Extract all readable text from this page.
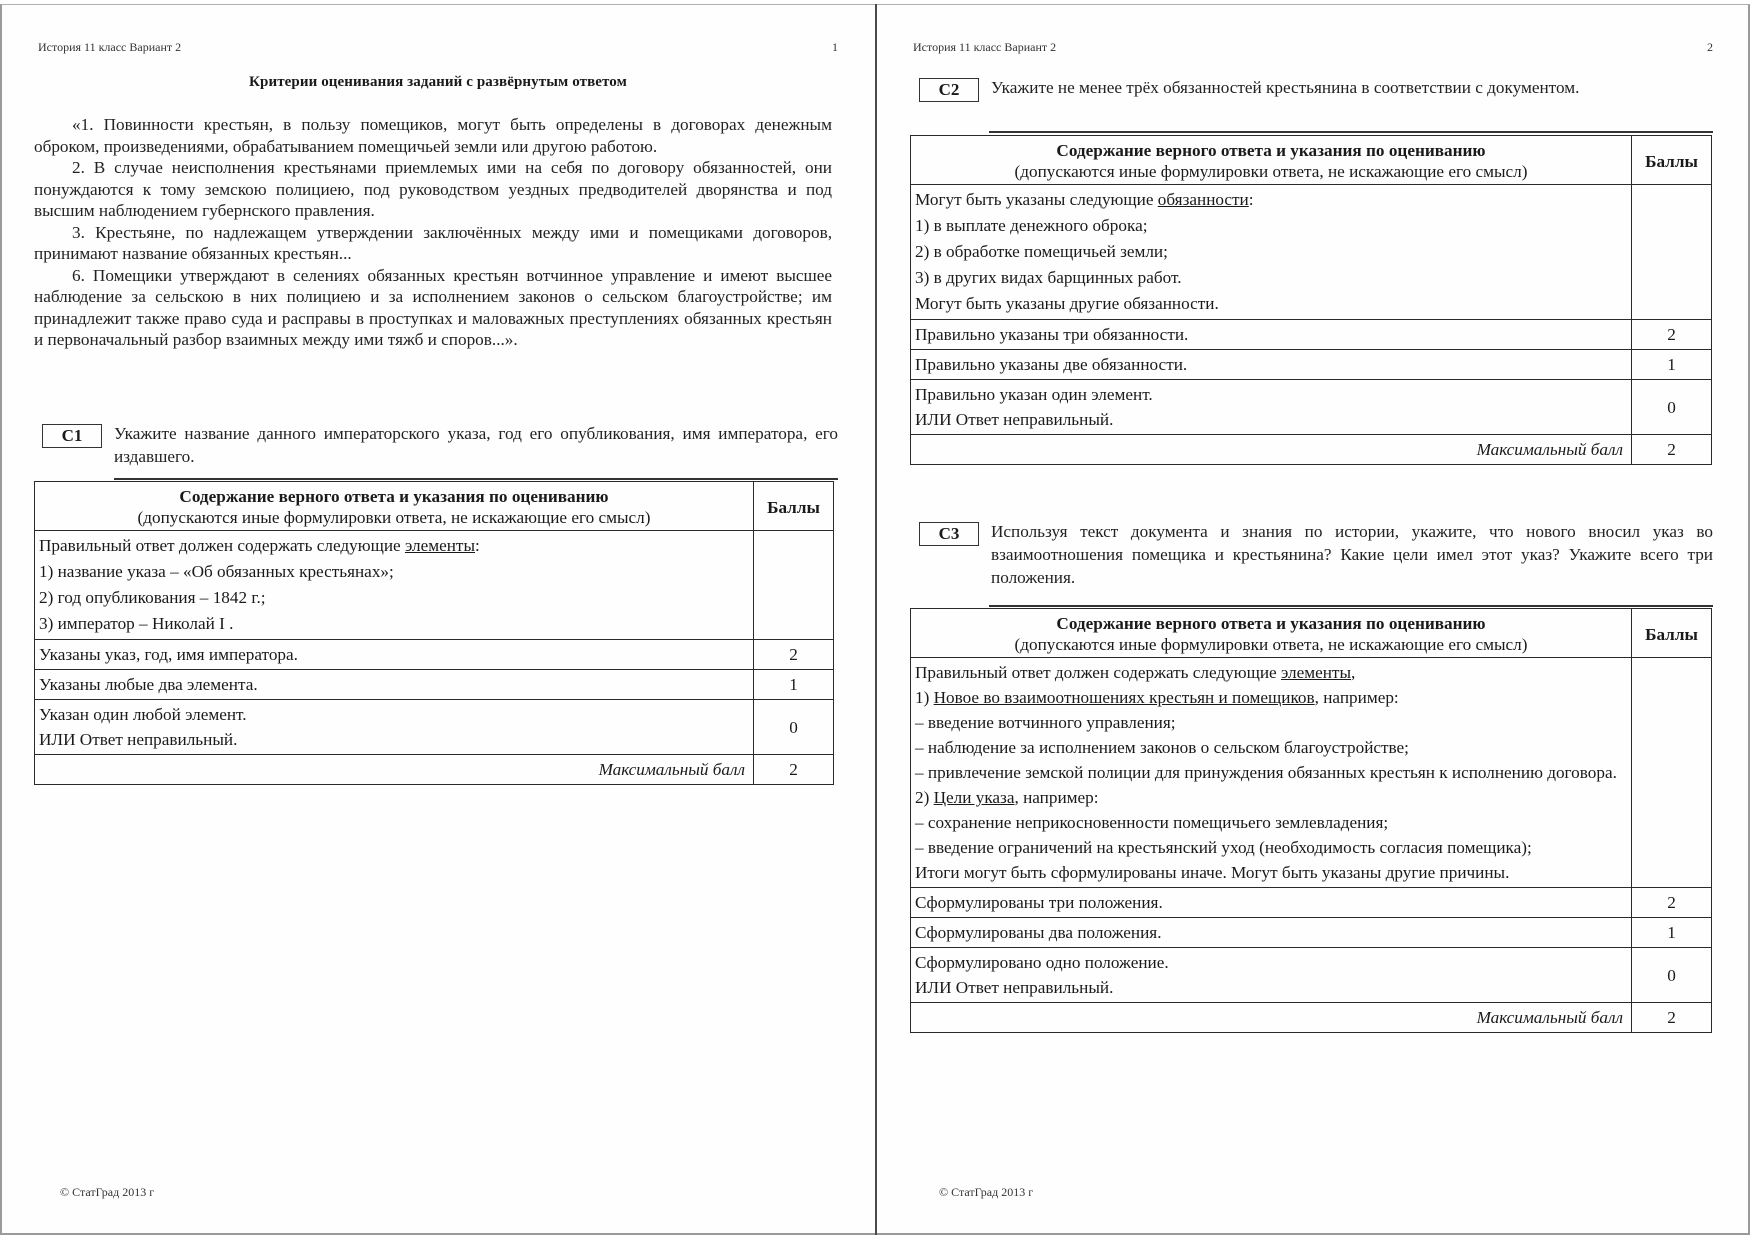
История 11 класс Вариант 2	1
Критерии оценивания заданий с развёрнутым ответом

«1. Повинности крестьян, в пользу помещиков, могут быть определены в договорах денежным оброком, произведениями, обрабатыванием помещичьей земли или другою работою.

2. В случае неисполнения крестьянами приемлемых ими на себя по договору обязанностей, они понуждаются к тому земскою полициею, под руководством уездных предводителей дворянства и под высшим наблюдением губернского правления.

3. Крестьяне, по надлежащем утверждении заключённых между ими и помещиками договоров, принимают название обязанных крестьян...

6. Помещики утверждают в селениях обязанных крестьян вотчинное управление и имеют высшее наблюдение за сельскою в них полициею и за исполнением законов о сельском благоустройстве; им принадлежит также право суда и расправы в проступках и маловажных преступлениях обязанных крестьян и первоначальный разбор взаимных между ими тяжб и споров...».

С1	Укажите название данного императорского указа, год его опубликования, имя императора, его издавшего.
Содержание верного ответа и указания по оцениванию
(допускаются иные формулировки ответа, не искажающие его смысл)	Баллы

Правильный ответ должен содержать следующие элементы:
1) название указа – «Об обязанных крестьянах»;
2) год опубликования – 1842 г.;
3) император – Николай I .	

Указаны указ, год, имя императора.	2
Указаны любые два элемента.	1

Указан один любой элемент.
ИЛИ Ответ неправильный.	0
Максимальный балл	2
© СтатГрад 2013 г
История 11 класс Вариант 2	2
С2	Укажите не менее трёх обязанностей крестьянина в соответствии с документом.
Содержание верного ответа и указания по оцениванию
(допускаются иные формулировки ответа, не искажающие его смысл)	Баллы

Могут быть указаны следующие обязанности:
1) в выплате денежного оброка;
2) в обработке помещичьей земли;
3) в других видах барщинных работ.
Могут быть указаны другие обязанности.	

Правильно указаны три обязанности.	2
Правильно указаны две обязанности.	1

Правильно указан один элемент.
ИЛИ Ответ неправильный.	0
Максимальный балл	2
С3	Используя текст документа и знания по истории, укажите, что нового вносил указ во взаимоотношения помещика и крестьянина? Какие цели имел этот указ? Укажите всего три положения.
Содержание верного ответа и указания по оцениванию
(допускаются иные формулировки ответа, не искажающие его смысл)	Баллы

Правильный ответ должен содержать следующие элементы,
1) Новое во взаимоотношениях крестьян и помещиков, например:
– введение вотчинного управления;
– наблюдение за исполнением законов о сельском благоустройстве;
– привлечение земской полиции для принуждения обязанных крестьян к исполнению договора.
2) Цели указа, например:
– сохранение неприкосновенности помещичьего землевладения;
– введение ограничений на крестьянский уход (необходимость согласия помещика);
Итоги могут быть сформулированы иначе. Могут быть указаны другие причины.

Сформулированы три положения.	2
Сформулированы два положения.	1

Сформулировано одно положение.
ИЛИ Ответ неправильный.	0
Максимальный балл	2
© СтатГрад 2013 г
